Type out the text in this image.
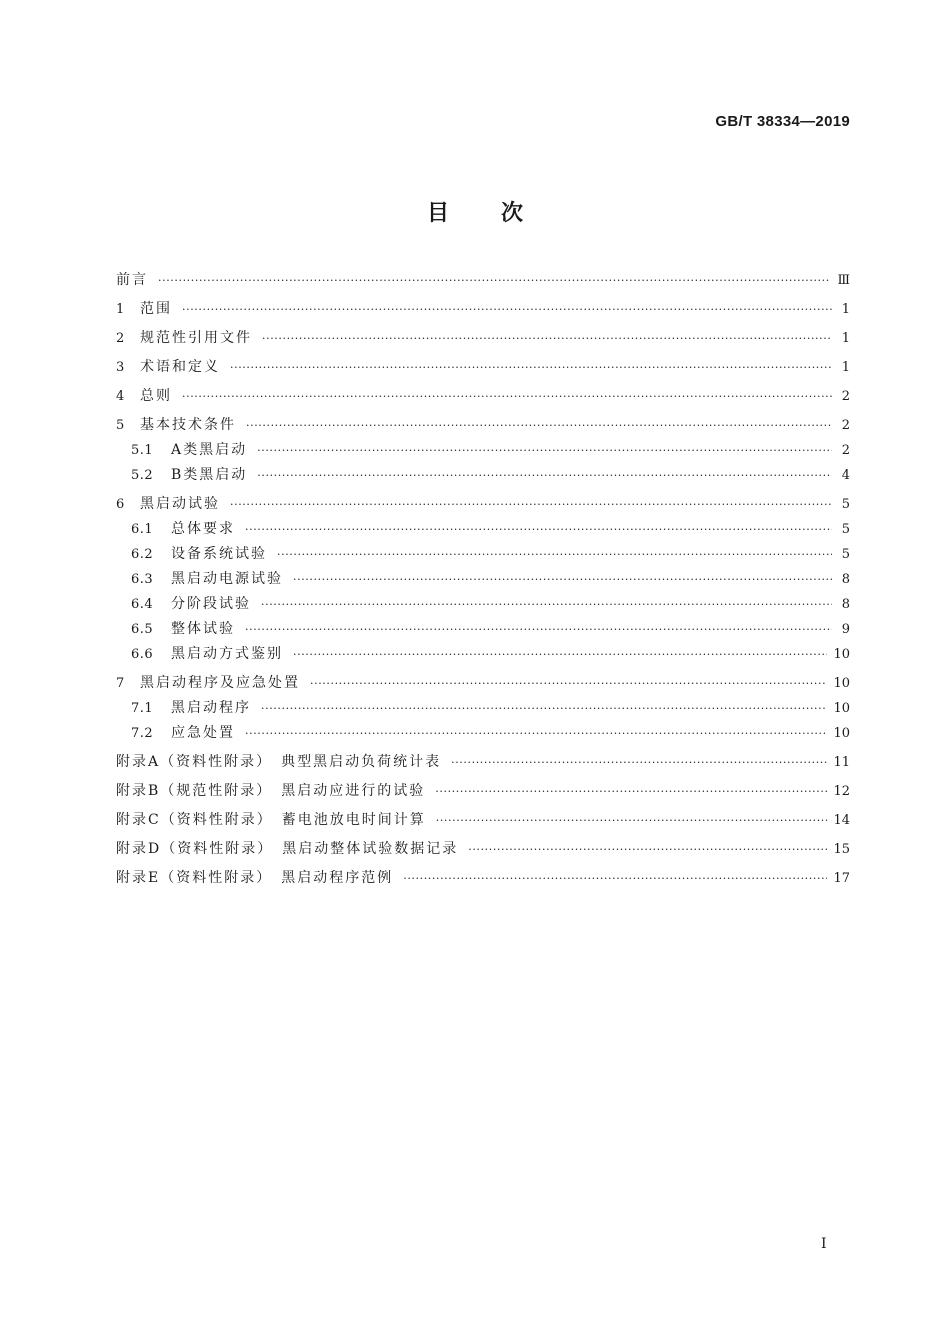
GB/T 38334—2019
目次
前言 ·····	Ⅲ
1	范围 ·····	1
2	规范性引用文件 ·····	1
3	术语和定义 ·····	1
4	总则 ·····	2
5	基本技术条件 ·····	2
5.1	A类黑启动 ·····	2
5.2	B类黑启动 ·····	4
6	黑启动试验 ·····	5
6.1	总体要求 ·····	5
6.2	设备系统试验 ·····	5
6.3	黑启动电源试验 ·····	8
6.4	分阶段试验 ·····	8
6.5	整体试验 ·····	9
6.6	黑启动方式鉴别 ·····	10
7	黑启动程序及应急处置 ·····	10
7.1	黑启动程序 ·····	10
7.2	应急处置 ·····	10
附录A（资料性附录）　典型黑启动负荷统计表 ·····	11
附录B（规范性附录）　黑启动应进行的试验 ·····	12
附录C（资料性附录）　蓄电池放电时间计算 ·····	14
附录D（资料性附录）　黑启动整体试验数据记录 ·····	15
附录E（资料性附录）　黑启动程序范例 ·····	17
I
